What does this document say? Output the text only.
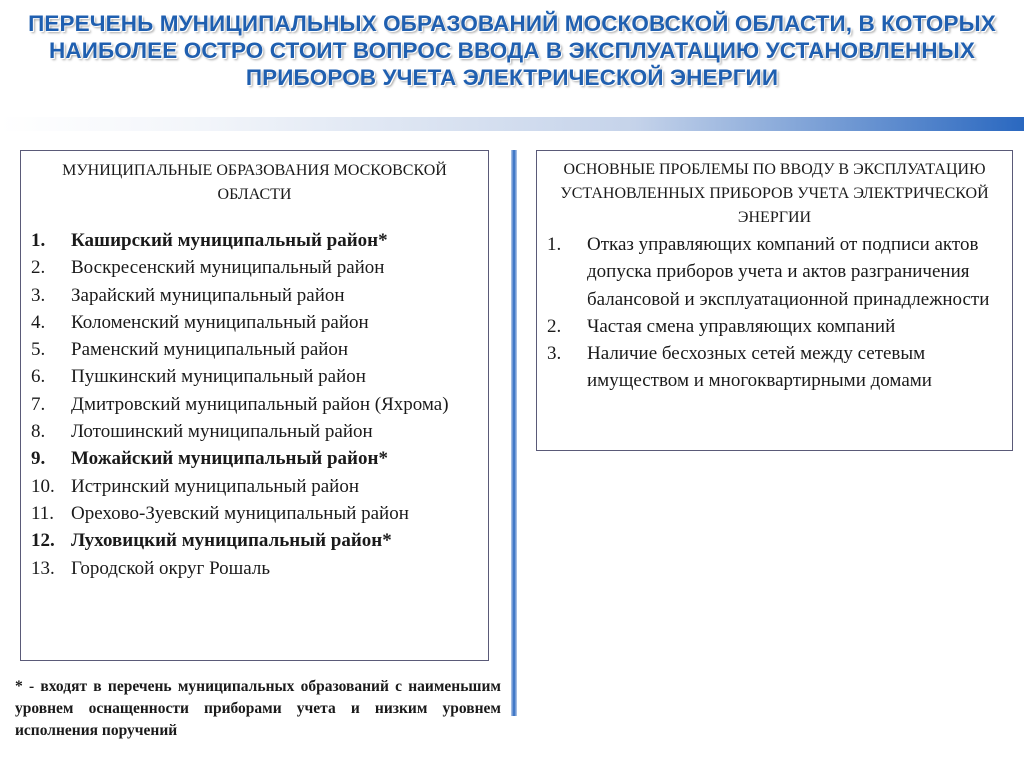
ПЕРЕЧЕНЬ МУНИЦИПАЛЬНЫХ ОБРАЗОВАНИЙ МОСКОВСКОЙ ОБЛАСТИ, В КОТОРЫХ НАИБОЛЕЕ ОСТРО СТОИТ ВОПРОС ВВОДА В ЭКСПЛУАТАЦИЮ УСТАНОВЛЕННЫХ ПРИБОРОВ УЧЕТА ЭЛЕКТРИЧЕСКОЙ ЭНЕРГИИ
МУНИЦИПАЛЬНЫЕ ОБРАЗОВАНИЯ МОСКОВСКОЙ ОБЛАСТИ
1.	Каширский муниципальный район*
2.	Воскресенский муниципальный район
3.	Зарайский муниципальный район
4.	Коломенский муниципальный район
5.	Раменский муниципальный район
6.	Пушкинский муниципальный район
7.	Дмитровский муниципальный район (Яхрома)
8.	Лотошинский муниципальный район
9.	Можайский муниципальный район*
10. Истринский муниципальный район
11. Орехово-Зуевский муниципальный район
12. Луховицкий муниципальный район*
13. Городской округ Рошаль
ОСНОВНЫЕ ПРОБЛЕМЫ ПО ВВОДУ В ЭКСПЛУАТАЦИЮ УСТАНОВЛЕННЫХ ПРИБОРОВ УЧЕТА ЭЛЕКТРИЧЕСКОЙ ЭНЕРГИИ
1.	Отказ управляющих компаний от подписи актов допуска приборов учета и актов разграничения балансовой и эксплуатационной принадлежности
2.	Частая смена управляющих компаний
3.	Наличие бесхозных сетей между сетевым имуществом и многоквартирными домами
* - входят в перечень муниципальных образований с наименьшим уровнем оснащенности приборами учета и низким уровнем исполнения поручений
